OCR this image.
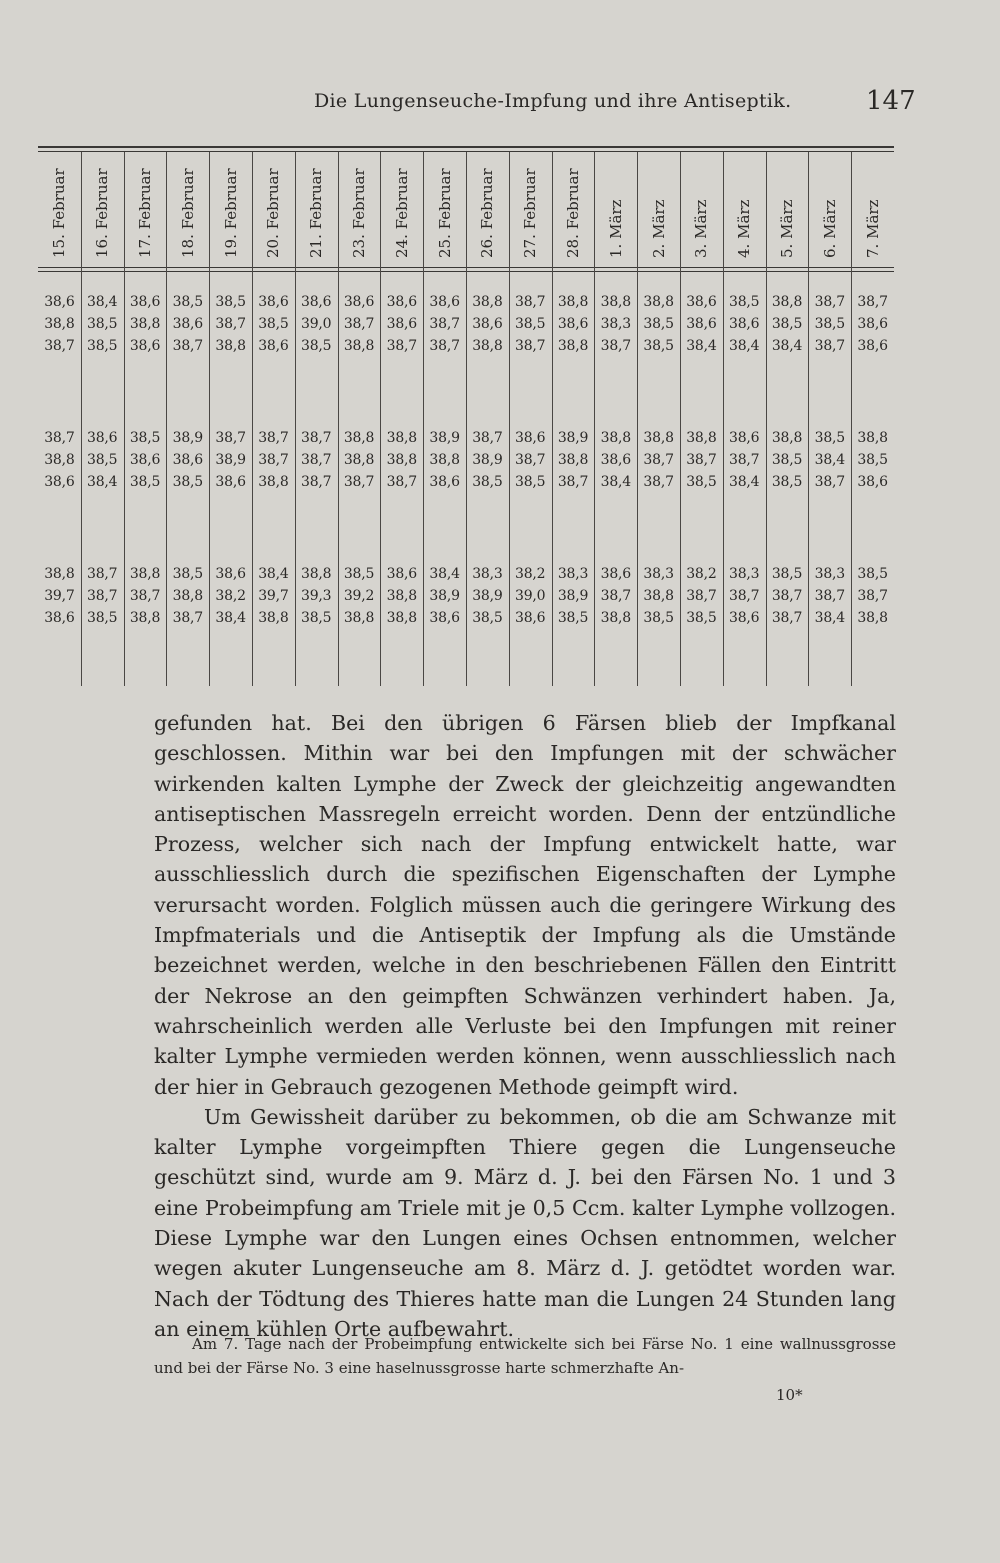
Die Lungenseuche-Impfung und ihre Antiseptik.	147
15. Februar 16. Februar 17. Februar 18. Februar 19. Februar 20. Februar 21. Februar 23. Februar 24. Februar 25. Februar 26. Februar 27. Februar 28. Februar 1. März 2. März 3. März 4. März 5. März 6. März 7. März
38,6 38,4 38,6 38,5 38,5 38,6 38,6 38,6 38,6 38,6 38,8 38,7 38,8 38,8 38,8 38,6 38,5 38,8 38,7 38,7
38,8 38,5 38,8 38,6 38,7 38,5 39,0 38,7 38,6 38,7 38,6 38,5 38,6 38,3 38,5 38,6 38,6 38,5 38,5 38,6
38,7 38,5 38,6 38,7 38,8 38,6 38,5 38,8 38,7 38,7 38,8 38,7 38,8 38,7 38,5 38,4 38,4 38,4 38,7 38,6
38,7 38,6 38,5 38,9 38,7 38,7 38,7 38,8 38,8 38,9 38,7 38,6 38,9 38,8 38,8 38,8 38,6 38,8 38,5 38,8
38,8 38,5 38,6 38,6 38,9 38,7 38,7 38,8 38,8 38,8 38,9 38,7 38,8 38,6 38,7 38,7 38,7 38,5 38,4 38,5
38,6 38,4 38,5 38,5 38,6 38,8 38,7 38,7 38,7 38,6 38,5 38,5 38,7 38,4 38,7 38,5 38,4 38,5 38,7 38,6
38,8 38,7 38,8 38,5 38,6 38,4 38,8 38,5 38,6 38,4 38,3 38,2 38,3 38,6 38,3 38,2 38,3 38,5 38,3 38,5
39,7 38,7 38,7 38,8 38,2 39,7 39,3 39,2 38,8 38,9 38,9 39,0 38,9 38,7 38,8 38,7 38,7 38,7 38,7 38,7
38,6 38,5 38,8 38,7 38,4 38,8 38,5 38,8 38,8 38,6 38,5 38,6 38,5 38,8 38,5 38,5 38,6 38,7 38,4 38,8

gefunden hat. Bei den übrigen 6 Färsen blieb der Impfkanal geschlossen. Mithin war bei den Impfungen mit der schwächer wirkenden kalten Lymphe der Zweck der gleichzeitig angewandten antiseptischen Massregeln erreicht worden. Denn der entzündliche Prozess, welcher sich nach der Impfung entwickelt hatte, war ausschliesslich durch die spezifischen Eigenschaften der Lymphe verursacht worden. Folglich müssen auch die geringere Wirkung des Impfmaterials und die Antiseptik der Impfung als die Umstände bezeichnet werden, welche in den beschriebenen Fällen den Eintritt der Nekrose an den geimpften Schwänzen verhindert haben. Ja, wahrscheinlich werden alle Verluste bei den Impfungen mit reiner kalter Lymphe vermieden werden können, wenn ausschliesslich nach der hier in Gebrauch gezogenen Methode geimpft wird.

Um Gewissheit darüber zu bekommen, ob die am Schwanze mit kalter Lymphe vorgeimpften Thiere gegen die Lungenseuche geschützt sind, wurde am 9. März d. J. bei den Färsen No. 1 und 3 eine Probeimpfung am Triele mit je 0,5 Ccm. kalter Lymphe vollzogen. Diese Lymphe war den Lungen eines Ochsen entnommen, welcher wegen akuter Lungenseuche am 8. März d. J. getödtet worden war. Nach der Tödtung des Thieres hatte man die Lungen 24 Stunden lang an einem kühlen Orte aufbewahrt.

Am 7. Tage nach der Probeimpfung entwickelte sich bei Färse No. 1 eine wallnussgrosse und bei der Färse No. 3 eine haselnussgrosse harte schmerzhafte An-
10*
